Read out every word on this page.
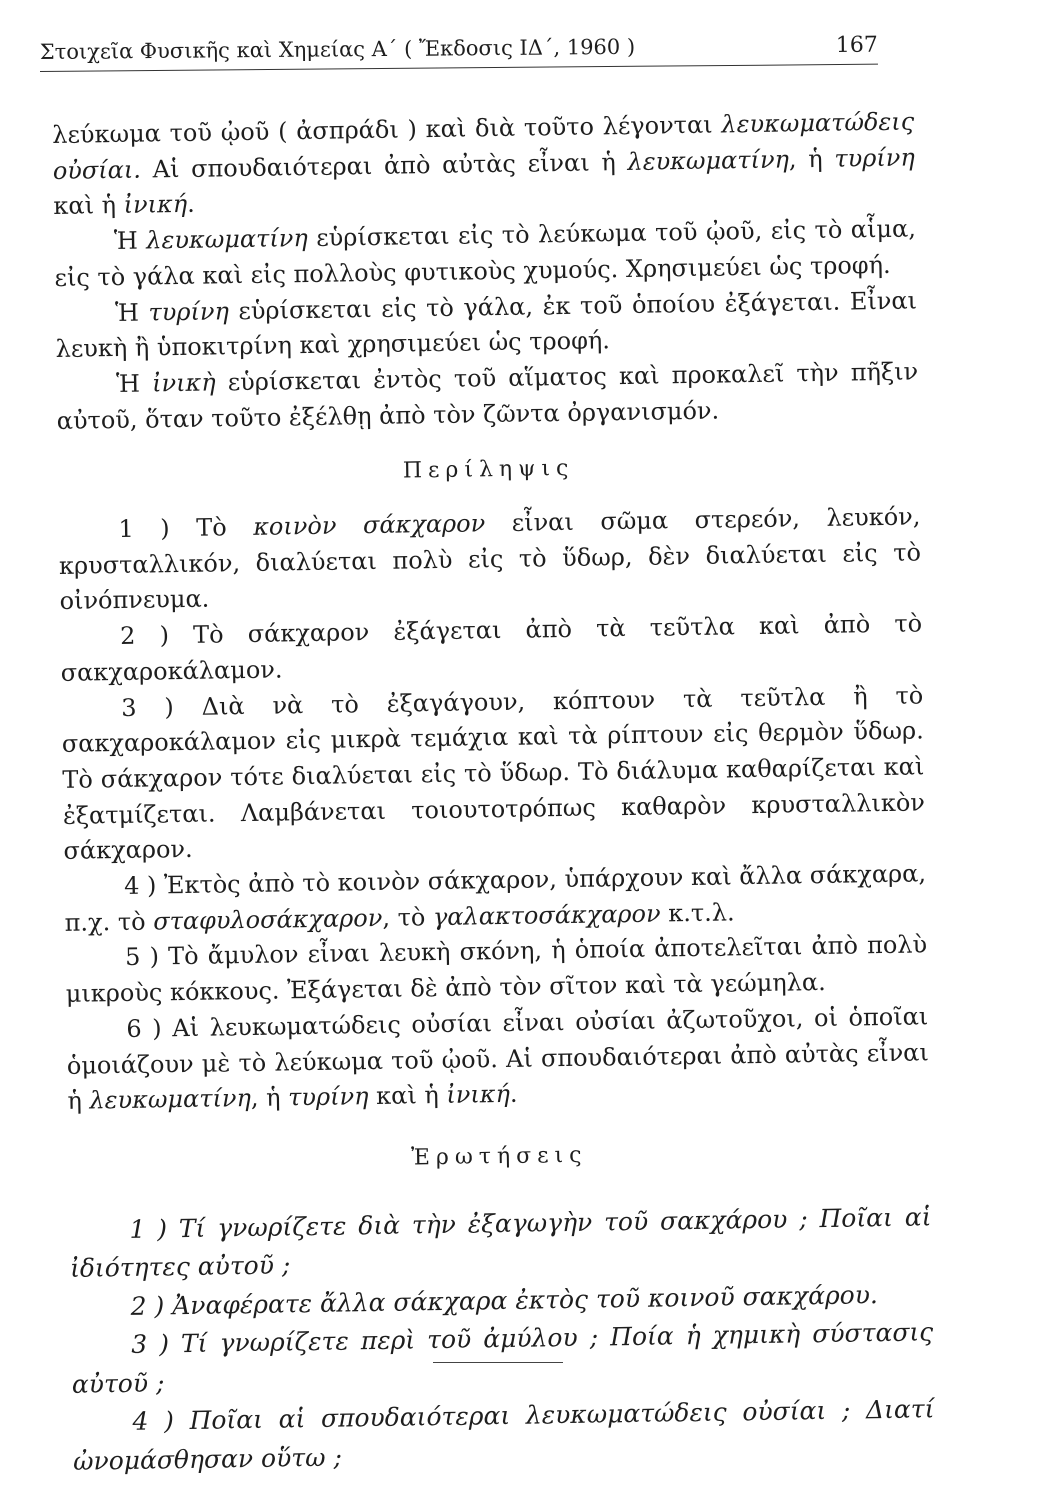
Στοιχεῖα Φυσικῆς καὶ Χημείας Α΄ ( Ἔκδοσις ΙΔ΄, 1960 )	167

λεύκωμα τοῦ ᾠοῦ ( ἀσπράδι ) καὶ διὰ τοῦτο λέγονται λευκωματώδεις οὐσίαι. Αἱ σπουδαιότεραι ἀπὸ αὐτὰς εἶναι ἡ λευκωματίνη, ἡ τυρίνη καὶ ἡ ἰνική.

Ἡ λευκωματίνη εὑρίσκεται εἰς τὸ λεύκωμα τοῦ ᾠοῦ, εἰς τὸ αἷμα, εἰς τὸ γάλα καὶ εἰς πολλοὺς φυτικοὺς χυμούς. Χρησιμεύει ὡς τροφή.

Ἡ τυρίνη εὑρίσκεται εἰς τὸ γάλα, ἐκ τοῦ ὁποίου ἐξάγεται. Εἶναι λευκὴ ἢ ὑποκιτρίνη καὶ χρησιμεύει ὡς τροφή.

Ἡ ἰνικὴ εὑρίσκεται ἐντὸς τοῦ αἵματος καὶ προκαλεῖ τὴν πῆξιν αὐτοῦ, ὅταν τοῦτο ἐξέλθῃ ἀπὸ τὸν ζῶντα ὀργανισμόν.

Περίληψις

1 ) Τὸ κοινὸν σάκχαρον εἶναι σῶμα στερεόν, λευκόν, κρυσταλλικόν, διαλύεται πολὺ εἰς τὸ ὕδωρ, δὲν διαλύεται εἰς τὸ οἰνόπνευμα.

2 ) Τὸ σάκχαρον ἐξάγεται ἀπὸ τὰ τεῦτλα καὶ ἀπὸ τὸ σακχαροκάλαμον.

3 ) Διὰ νὰ τὸ ἐξαγάγουν, κόπτουν τὰ τεῦτλα ἢ τὸ σακχαροκάλαμον εἰς μικρὰ τεμάχια καὶ τὰ ρίπτουν εἰς θερμὸν ὕδωρ. Τὸ σάκχαρον τότε διαλύεται εἰς τὸ ὕδωρ. Τὸ διάλυμα καθαρίζεται καὶ ἐξατμίζεται. Λαμβάνεται τοιουτοτρόπως καθαρὸν κρυσταλλικὸν σάκχαρον.

4 ) Ἐκτὸς ἀπὸ τὸ κοινὸν σάκχαρον, ὑπάρχουν καὶ ἄλλα σάκχαρα, π.χ. τὸ σταφυλοσάκχαρον, τὸ γαλακτοσάκχαρον κ.τ.λ.

5 ) Τὸ ἄμυλον εἶναι λευκὴ σκόνη, ἡ ὁποία ἀποτελεῖται ἀπὸ πολὺ μικροὺς κόκκους. Ἐξάγεται δὲ ἀπὸ τὸν σῖτον καὶ τὰ γεώμηλα.

6 ) Αἱ λευκωματώδεις οὐσίαι εἶναι οὐσίαι ἀζωτοῦχοι, οἱ ὁποῖαι ὁμοιάζουν μὲ τὸ λεύκωμα τοῦ ᾠοῦ. Αἱ σπουδαιότεραι ἀπὸ αὐτὰς εἶναι ἡ λευκωματίνη, ἡ τυρίνη καὶ ἡ ἰνική.

Ἐρωτήσεις

1 ) Τί γνωρίζετε διὰ τὴν ἐξαγωγὴν τοῦ σακχάρου ; Ποῖαι αἱ ἰδιότητες αὐτοῦ ;

2 ) Ἀναφέρατε ἄλλα σάκχαρα ἐκτὸς τοῦ κοινοῦ σακχάρου.

3 ) Τί γνωρίζετε περὶ τοῦ ἀμύλου ; Ποία ἡ χημικὴ σύστασις αὐτοῦ ;

4 ) Ποῖαι αἱ σπουδαιότεραι λευκωματώδεις οὐσίαι ; Διατί ὠνομάσθησαν οὕτω ;
